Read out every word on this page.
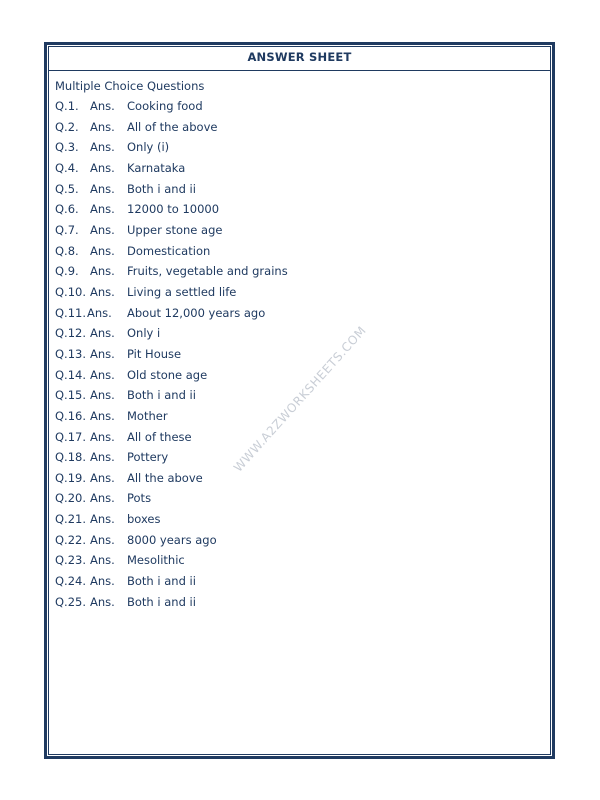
ANSWER SHEET
Multiple Choice Questions
Q.1. Ans. Cooking food
Q.2. Ans. All of the above
Q.3. Ans. Only (i)
Q.4. Ans. Karnataka
Q.5. Ans. Both i and ii
Q.6. Ans. 12000 to 10000
Q.7. Ans. Upper stone age
Q.8. Ans. Domestication
Q.9. Ans. Fruits, vegetable and grains
Q.10. Ans. Living a settled life
Q.11. Ans. About 12,000 years ago
Q.12. Ans. Only i
Q.13. Ans. Pit House
Q.14. Ans. Old stone age
Q.15. Ans. Both i and ii
Q.16. Ans. Mother
Q.17. Ans. All of these
Q.18. Ans. Pottery
Q.19. Ans. All the above
Q.20. Ans. Pots
Q.21. Ans. boxes
Q.22. Ans. 8000 years ago
Q.23. Ans. Mesolithic
Q.24. Ans. Both i and ii
Q.25. Ans. Both i and ii
WWW.A2ZWORKSHEETS.COM
